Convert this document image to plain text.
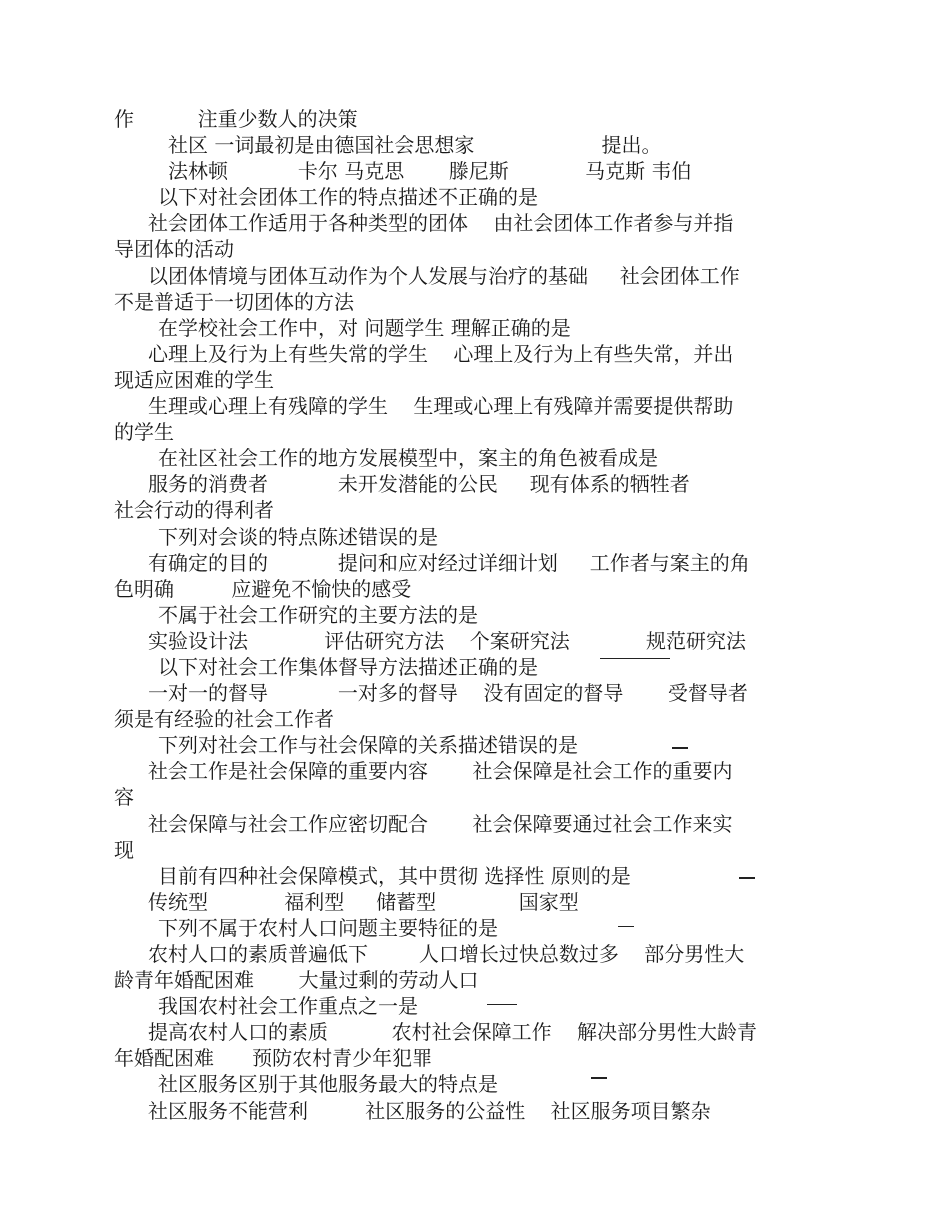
作          注重少数人的决策
社区 一词最初是由德国社会思想家                    提出。
法林顿           卡尔 马克思       滕尼斯            马克斯 韦伯
以下对社会团体工作的特点描述不正确的是
社会团体工作适用于各种类型的团体    由社会团体工作者参与并指
导团体的活动
以团体情境与团体互动作为个人发展与治疗的基础     社会团体工作
不是普适于一切团体的方法
在学校社会工作中，对 问题学生 理解正确的是
心理上及行为上有些失常的学生    心理上及行为上有些失常，并出
现适应困难的学生
生理或心理上有残障的学生    生理或心理上有残障并需要提供帮助
的学生
在社区社会工作的地方发展模型中，案主的角色被看成是
服务的消费者           未开发潜能的公民     现有体系的牺牲者
社会行动的得利者
下列对会谈的特点陈述错误的是
有确定的目的           提问和应对经过详细计划     工作者与案主的角
色明确         应避免不愉快的感受
不属于社会工作研究的主要方法的是
实验设计法            评估研究方法    个案研究法            规范研究法
以下对社会工作集体督导方法描述正确的是
一对一的督导           一对多的督导    没有固定的督导       受督导者
须是有经验的社会工作者
下列对社会工作与社会保障的关系描述错误的是
社会工作是社会保障的重要内容       社会保障是社会工作的重要内
容
社会保障与社会工作应密切配合       社会保障要通过社会工作来实
现
目前有四种社会保障模式，其中贯彻 选择性 原则的是
传统型            福利型     储蓄型             国家型
下列不属于农村人口问题主要特征的是
农村人口的素质普遍低下        人口增长过快总数过多    部分男性大
龄青年婚配困难       大量过剩的劳动人口
我国农村社会工作重点之一是
提高农村人口的素质          农村社会保障工作    解决部分男性大龄青
年婚配困难      预防农村青少年犯罪
社区服务区别于其他服务最大的特点是
社区服务不能营利         社区服务的公益性    社区服务项目繁杂
